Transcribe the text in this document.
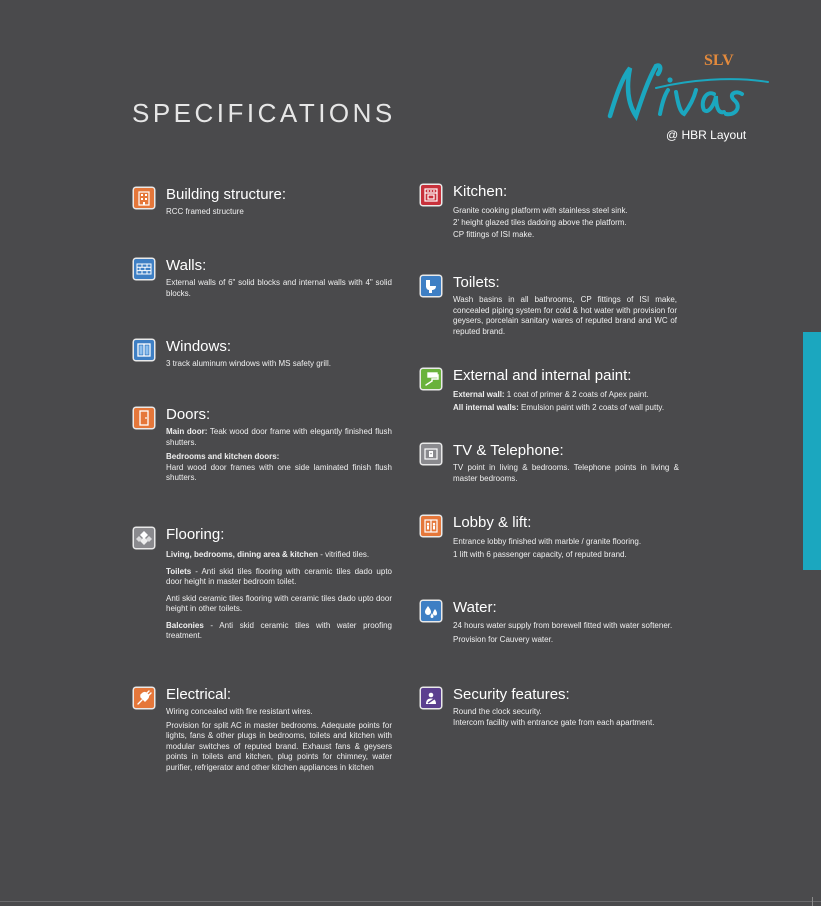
SPECIFICATIONS
SLV
@ HBR Layout
Building structure:

RCC framed structure

Walls:

External walls of 6" solid blocks and internal walls with 4" solid blocks.

Windows:

3 track aluminum windows with MS safety grill.

Doors:

Main door: Teak wood door frame with elegantly finished flush shutters.

Bedrooms and kitchen doors:
Hard wood door frames with one side laminated finish flush shutters.

Flooring:

Living, bedrooms, dining area & kitchen - vitrified tiles.

Toilets - Anti skid tiles flooring with ceramic tiles dado upto door height in master bedroom toilet.

Anti skid ceramic tiles flooring with ceramic tiles dado upto door height in other toilets.

Balconies - Anti skid ceramic tiles with water proofing treatment.

Electrical:

Wiring concealed with fire resistant wires.

Provision for split AC in master bedrooms. Adequate points for lights, fans & other plugs in bedrooms, toilets and kitchen with modular switches of reputed brand. Exhaust fans & geysers points in toilets and kitchen, plug points for chimney, water purifier, refrigerator and other kitchen appliances in kitchen

Kitchen:

Granite cooking platform with stainless steel sink.

2' height glazed tiles dadoing above the platform.

CP fittings of ISI make.

Toilets:

Wash basins in all bathrooms, CP fittings of ISI make, concealed piping system for cold & hot water with provision for geysers, porcelain sanitary wares of reputed brand and WC of reputed brand.

External and internal paint:

External wall: 1 coat of primer & 2 coats of Apex paint.

All internal walls: Emulsion paint with 2 coats of wall putty.

TV & Telephone:

TV point in living & bedrooms. Telephone points in living & master bedrooms.

Lobby & lift:

Entrance lobby finished with marble / granite flooring.

1 lift with 6 passenger capacity, of reputed brand.

Water:

24 hours water supply from borewell fitted with water softener.

Provision for Cauvery water.

Security features:

Round the clock security.

Intercom facility with entrance gate from each apartment.
